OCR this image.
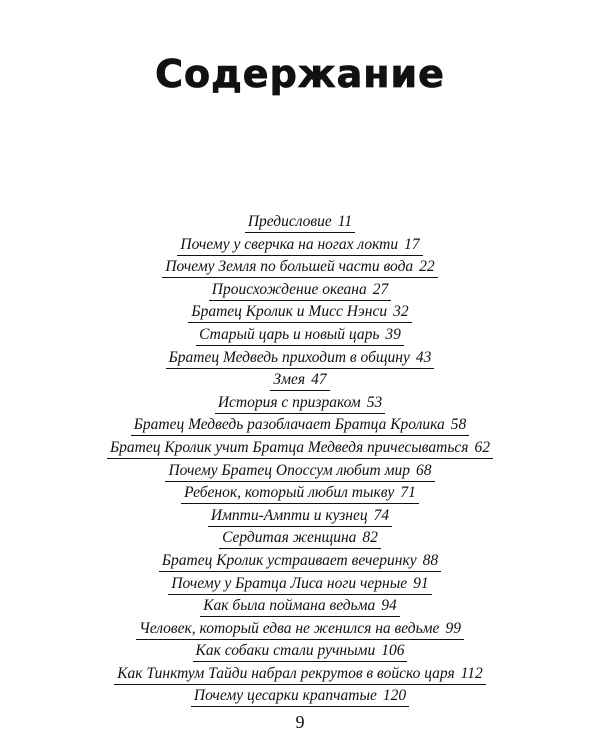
Содержание
Предисловие 11
Почему у сверчка на ногах локти 17
Почему Земля по большей части вода 22
Происхождение океана 27
Братец Кролик и Мисс Нэнси 32
Старый царь и новый царь 39
Братец Медведь приходит в общину 43
Змея 47
История с призраком 53
Братец Медведь разоблачает Братца Кролика 58
Братец Кролик учит Братца Медведя причесываться 62
Почему Братец Опоссум любит мир 68
Ребенок, который любил тыкву 71
Импти-Ампти и кузнец 74
Сердитая женщина 82
Братец Кролик устраивает вечеринку 88
Почему у Братца Лиса ноги черные 91
Как была поймана ведьма 94
Человек, который едва не женился на ведьме 99
Как собаки стали ручными 106
Как Тинктум Тайди набрал рекрутов в войско царя 112
Почему цесарки крапчатые 120
9
